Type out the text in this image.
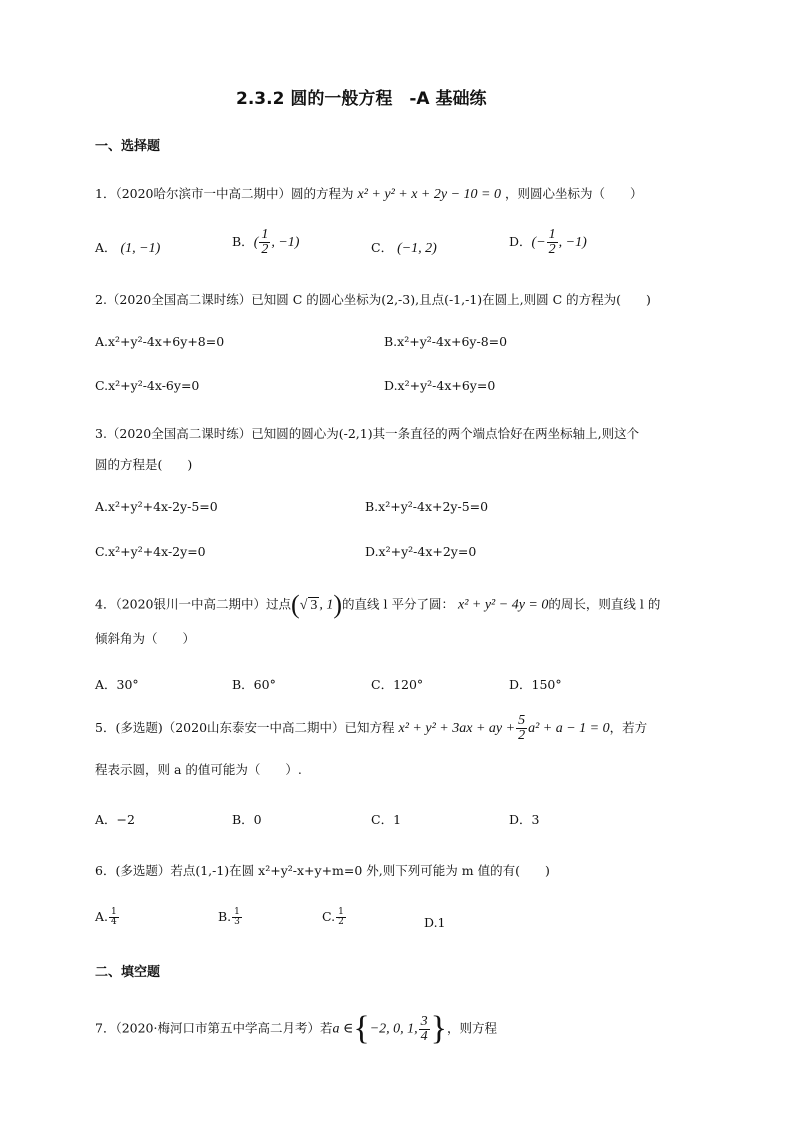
2.3.2 圆的一般方程　-A 基础练
一、选择题
1．（2020哈尔滨市一中高二期中）圆的方程为 x² + y² + x + 2y − 10 = 0 ，则圆心坐标为（　　）
A． (1, −1)	B．( $\frac{1}{2}$ , −1)	C． (−1, 2)	D．(− $\frac{1}{2}$ , −1)
2.（2020全国高二课时练）已知圆 C 的圆心坐标为(2,-3),且点(-1,-1)在圆上,则圆 C 的方程为(　　)
A.x²+y²-4x+6y+8=0	B.x²+y²-4x+6y-8=0
C.x²+y²-4x-6y=0	D.x²+y²-4x+6y=0
3.（2020全国高二课时练）已知圆的圆心为(-2,1)其一条直径的两个端点恰好在两坐标轴上,则这个
圆的方程是(　　)
A.x²+y²+4x-2y-5=0	B.x²+y²-4x+2y-5=0
C.x²+y²+4x-2y=0	D.x²+y²-4x+2y=0
4．（2020银川一中高二期中）过点(√ 3 , 1)的直线 l 平分了圆： x² + y² − 4y = 0的周长，则直线 l 的
倾斜角为（　　）
A．30°	B．60°	C．120°	D．150°
5．(多选题)（2020山东泰安一中高二期中）已知方程 x² + y² + 3ax + ay + $\frac{5}{2} a^2 + a - 1 = 0$，若方
程表示圆，则 a 的值可能为（　　）.
A．−2	B．0	C．1	D．3
6．(多选题）若点(1,-1)在圆 x²+y²-x+y+m=0 外,则下列可能为 m 值的有(　　)
A. $\frac{1}{4}$	B. $\frac{1}{3}$	C. $\frac{1}{2}$	D.1
二、填空题
7．（2020·梅河口市第五中学高二月考）若a ∈{−2, 0, 1, $\frac{3}{4}$ }，则方程
